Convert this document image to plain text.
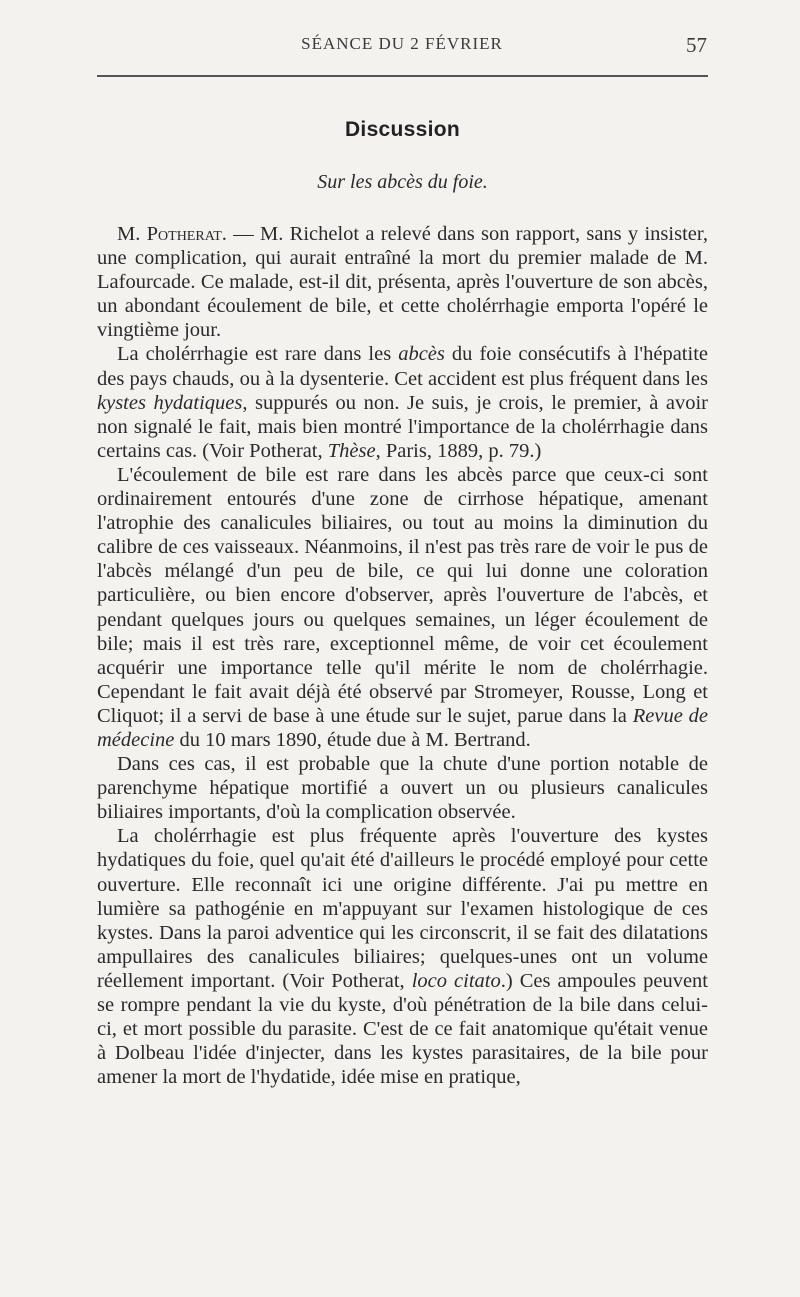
SÉANCE DU 2 FÉVRIER	57
Discussion
Sur les abcès du foie.

M. Potherat. — M. Richelot a relevé dans son rapport, sans y insister, une complication, qui aurait entraîné la mort du premier malade de M. Lafourcade. Ce malade, est-il dit, présenta, après l'ouverture de son abcès, un abondant écoulement de bile, et cette cholérrhagie emporta l'opéré le vingtième jour.

La cholérrhagie est rare dans les abcès du foie consécutifs à l'hépatite des pays chauds, ou à la dysenterie. Cet accident est plus fréquent dans les kystes hydatiques, suppurés ou non. Je suis, je crois, le premier, à avoir non signalé le fait, mais bien montré l'importance de la cholérrhagie dans certains cas. (Voir Potherat, Thèse, Paris, 1889, p. 79.)

L'écoulement de bile est rare dans les abcès parce que ceux-ci sont ordinairement entourés d'une zone de cirrhose hépatique, amenant l'atrophie des canalicules biliaires, ou tout au moins la diminution du calibre de ces vaisseaux. Néanmoins, il n'est pas très rare de voir le pus de l'abcès mélangé d'un peu de bile, ce qui lui donne une coloration particulière, ou bien encore d'observer, après l'ouverture de l'abcès, et pendant quelques jours ou quelques semaines, un léger écoulement de bile; mais il est très rare, exceptionnel même, de voir cet écoulement acquérir une importance telle qu'il mérite le nom de cholérrhagie. Cependant le fait avait déjà été observé par Stromeyer, Rousse, Long et Cliquot; il a servi de base à une étude sur le sujet, parue dans la Revue de médecine du 10 mars 1890, étude due à M. Bertrand.

Dans ces cas, il est probable que la chute d'une portion notable de parenchyme hépatique mortifié a ouvert un ou plusieurs canalicules biliaires importants, d'où la complication observée.

La cholérrhagie est plus fréquente après l'ouverture des kystes hydatiques du foie, quel qu'ait été d'ailleurs le procédé employé pour cette ouverture. Elle reconnaît ici une origine différente. J'ai pu mettre en lumière sa pathogénie en m'appuyant sur l'examen histologique de ces kystes. Dans la paroi adventice qui les circonscrit, il se fait des dilatations ampullaires des canalicules biliaires; quelques-unes ont un volume réellement important. (Voir Potherat, loco citato.) Ces ampoules peuvent se rompre pendant la vie du kyste, d'où pénétration de la bile dans celui-ci, et mort possible du parasite. C'est de ce fait anatomique qu'était venue à Dolbeau l'idée d'injecter, dans les kystes parasitaires, de la bile pour amener la mort de l'hydatide, idée mise en pratique,
